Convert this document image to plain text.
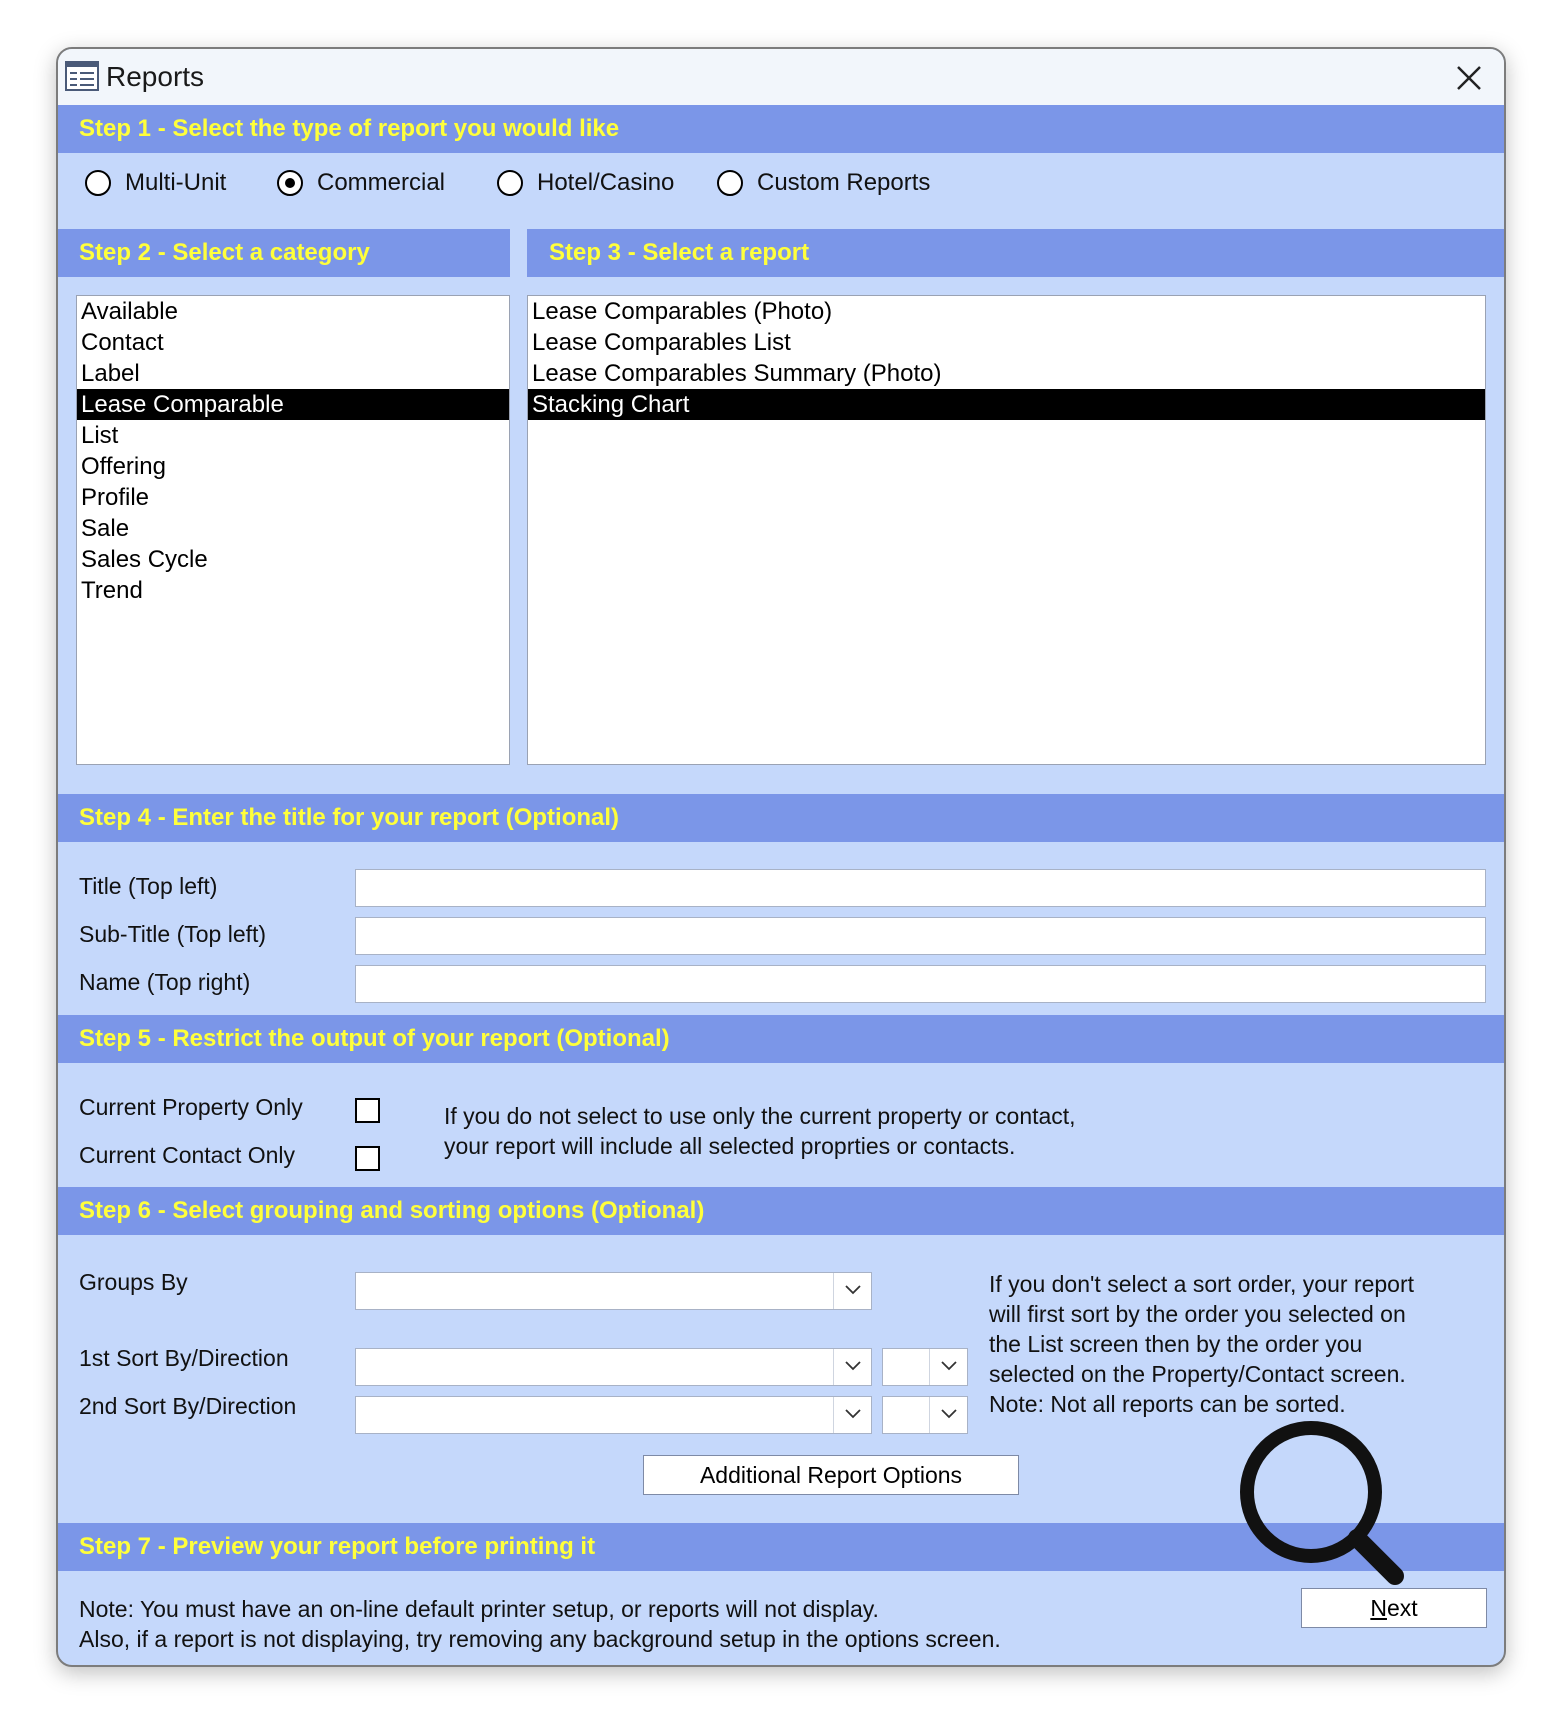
Reports
Step 1 - Select the type of report you would like
Multi-Unit	Commercial	Hotel/Casino	Custom Reports
Step 2 - Select a category	Step 3 - Select a report
Available
Contact
Label
Lease Comparable
List
Offering
Profile
Sale
Sales Cycle
Trend
Lease Comparables (Photo)
Lease Comparables List
Lease Comparables Summary (Photo)
Stacking Chart
Step 4 - Enter the title for your report (Optional)
Title (Top left)
Sub-Title (Top left)
Name (Top right)
Step 5 - Restrict the output of your report (Optional)
Current Property Only
Current Contact Only
If you do not select to use only the current property or contact,
your report will include all selected proprties or contacts.
Step 6 - Select grouping and sorting options (Optional)
Groups By
1st Sort By/Direction
2nd Sort By/Direction
If you don't select a sort order, your report
will first sort by the order you selected on
the List screen then by the order you
selected on the Property/Contact screen.
Note: Not all reports can be sorted.
Additional Report Options
Step 7 - Preview your report before printing it
Note: You must have an on-line default printer setup, or reports will not display.
Also, if a report is not displaying, try removing any background setup in the options screen.
Next
